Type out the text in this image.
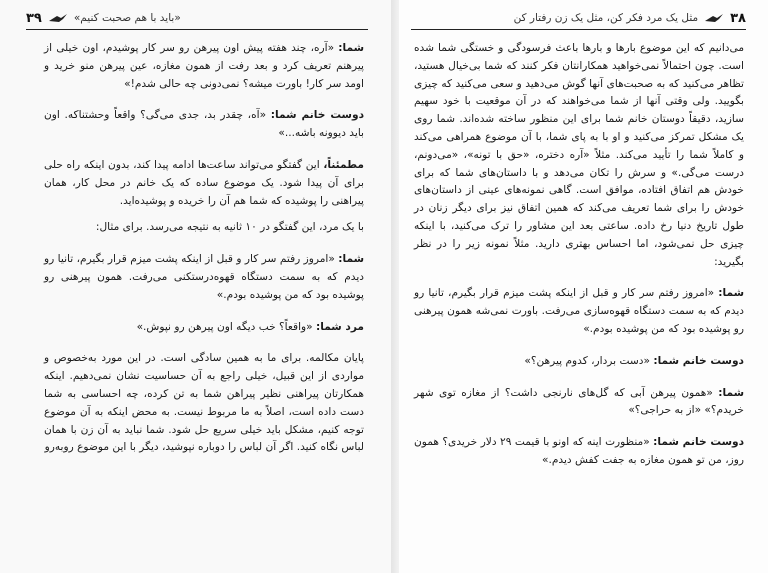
۳۸
مثل یک مرد فکر کن، مثل یک زن رفتار کن

می‌دانیم که این موضوع بارها و بارها باعث فرسودگی و خستگی شما شده است. چون احتمالاً نمی‌خواهید همکارانتان فکر کنند که شما بی‌خیال هستید، تظاهر می‌کنید که به صحبت‌های آنها گوش می‌دهید و سعی می‌کنید که چیزی بگویید. ولی وقتی آنها از شما می‌خواهند که در آن موقعیت با خود سهیم سازید، دقیقاً دوستان خانم شما برای این منظور ساخته شده‌اند. شما روی یک مشکل تمرکز می‌کنید و او با به پای شما، با آن موضوع همراهی می‌کند و کاملاً شما را تأیید می‌کند. مثلاً «آره دختره، «حق با تونه»، «می‌دونم، درست می‌گی.» و سرش را تکان می‌دهد و با داستان‌های شما که برای خودش هم اتفاق افتاده، موافق است. گاهی نمونه‌های عینی از داستان‌های خودش را برای شما تعریف می‌کند که همین اتفاق نیز برای دیگر زنان در طول تاریخ دنیا رخ داده. ساعتی بعد این مشاور را ترک می‌کنید، با اینکه چیزی حل نمی‌شود، اما احساس بهتری دارید. مثلاً نمونه زیر را در نظر بگیرید:

شما: «امروز رفتم سر کار و قبل از اینکه پشت میزم قرار بگیرم، تانیا رو دیدم که به سمت دستگاه قهوه‌سازی می‌رفت. باورت نمی‌شه همون پیرهنی رو پوشیده بود که من پوشیده بودم.»

دوست خانم شما: «دست بردار، کدوم پیرهن؟»

شما: «همون پیرهن آبی که گل‌های نارنجی داشت؟ از مغازه توی شهر خریدم؟» «از به حراجی؟»

دوست خانم شما: «منظورت اینه که اونو با قیمت ۲۹ دلار خریدی؟ همون روز، من تو همون مغازه به جفت کفش دیدم.»

«باید با هم صحبت کنیم»
۳۹

شما: «آره، چند هفته پیش اون پیرهن رو سر کار پوشیدم، اون خیلی از پیرهنم تعریف کرد و بعد رفت از همون مغازه، عین پیرهن منو خرید و اومد سر کار! باورت میشه؟ نمی‌دونی چه حالی شدم!»

دوست خانم شما: «آه، چقدر بد، جدی می‌گی؟ واقعاً وحشتناکه. اون باید دیوونه باشه...»

مطمئناً، این گفتگو می‌تواند ساعت‌ها ادامه پیدا کند، بدون اینکه راه حلی برای آن پیدا شود. یک موضوع ساده که یک خانم در محل کار، همان پیراهنی را پوشیده که شما هم آن را خریده و پوشیده‌اید.

با یک مرد، این گفتگو در ۱۰ ثانیه به نتیجه می‌رسد. برای مثال:

شما: «امروز رفتم سر کار و قبل از اینکه پشت میزم قرار بگیرم، تانیا رو دیدم که به سمت دستگاه قهوه‌درستکنی می‌رفت. همون پیرهنی رو پوشیده بود که من پوشیده بودم.»

مرد شما: «واقعاً؟ خب دیگه اون پیرهن رو نپوش.»

پایان مکالمه. برای ما به همین سادگی است. در این مورد به‌خصوص و مواردی از این قبیل، خیلی راجع به آن حساسیت نشان نمی‌دهیم. اینکه همکارتان پیراهنی نظیر پیراهن شما به تن کرده، چه احساسی به شما دست داده است، اصلاً به ما مربوط نیست. به محض اینکه به آن موضوع توجه کنیم، مشکل باید خیلی سریع حل شود. شما نباید به آن زن با همان لباس نگاه کنید. اگر آن لباس را دوباره نپوشید، دیگر با این موضوع روبه‌رو
